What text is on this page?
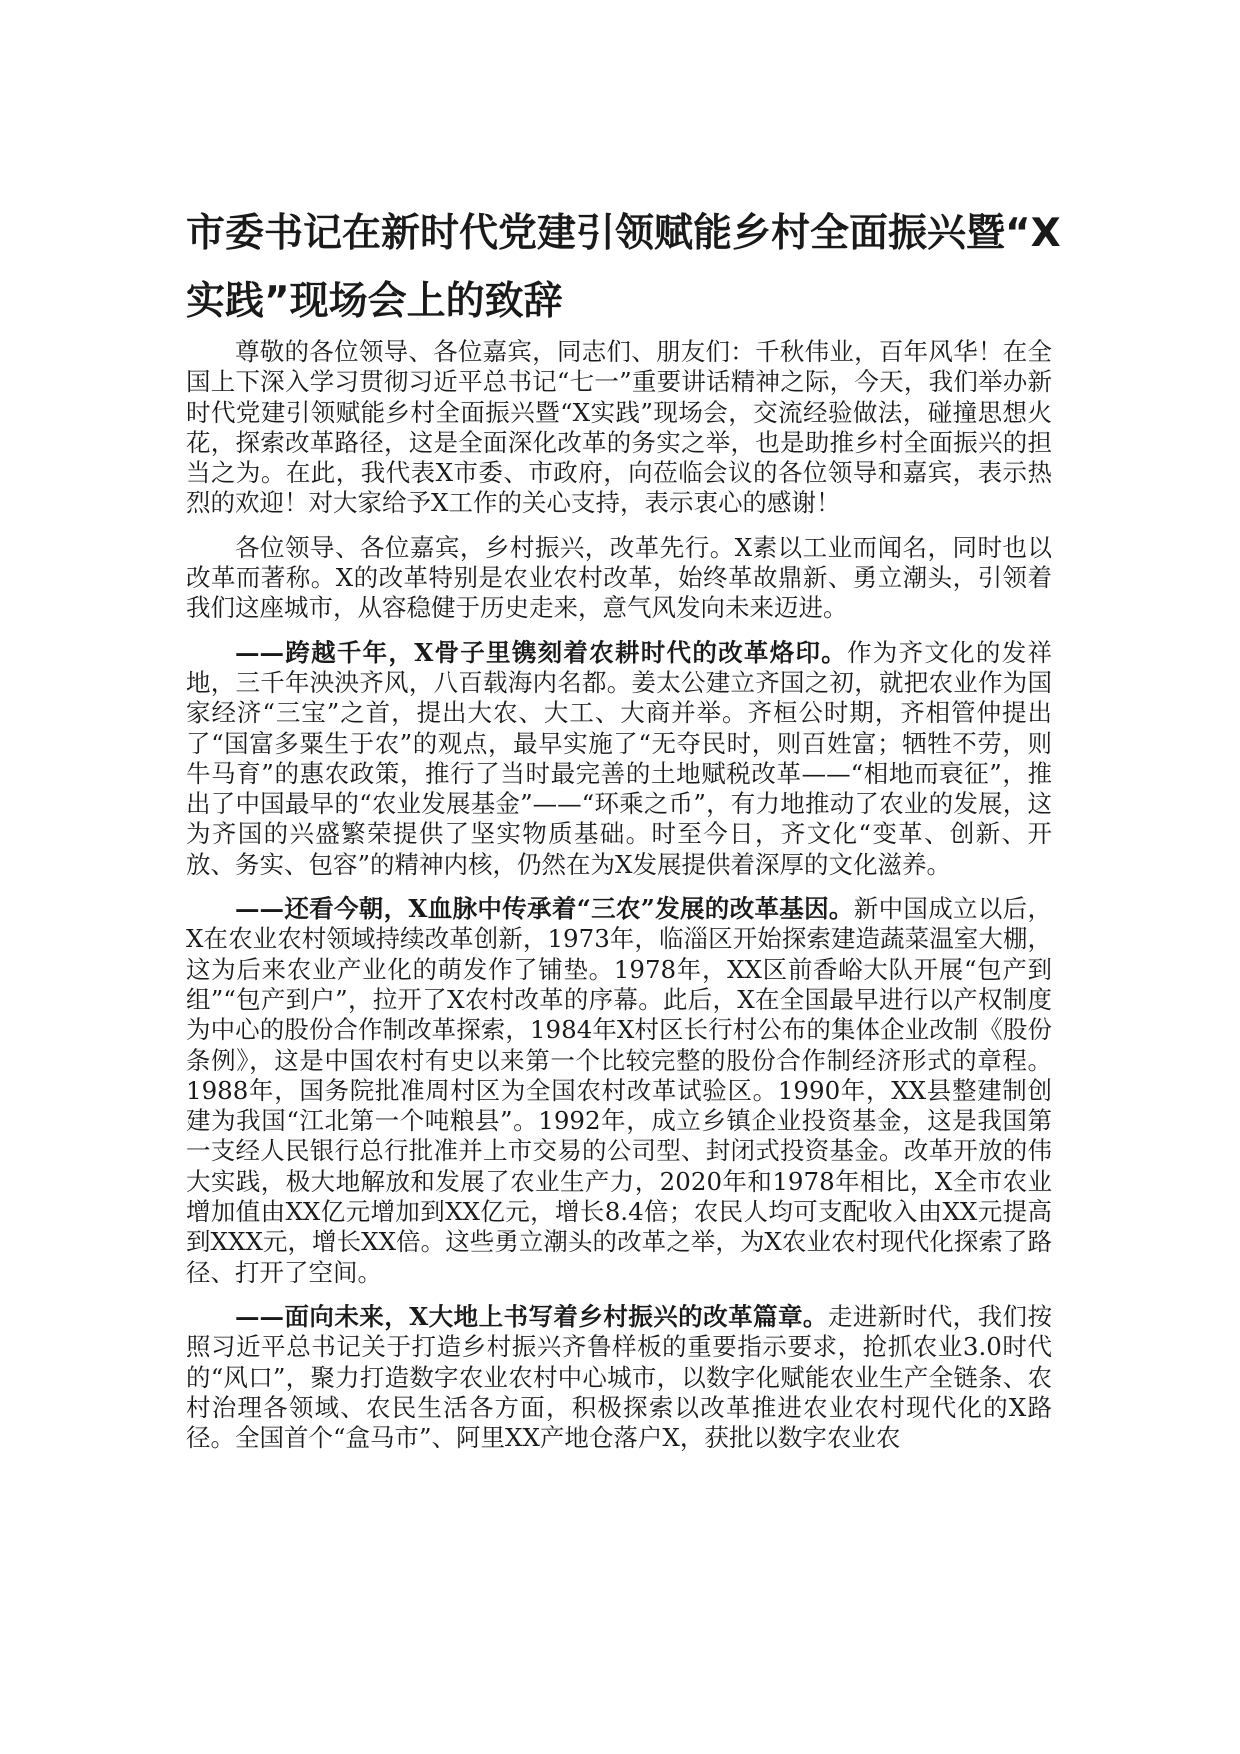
市委书记在新时代党建引领赋能乡村全面振兴暨“X实践”现场会上的致辞

尊敬的各位领导、各位嘉宾，同志们、朋友们：千秋伟业，百年风华！在全国上下深入学习贯彻习近平总书记“七一”重要讲话精神之际，今天，我们举办新时代党建引领赋能乡村全面振兴暨“X实践”现场会，交流经验做法，碰撞思想火花，探索改革路径，这是全面深化改革的务实之举，也是助推乡村全面振兴的担当之为。在此，我代表X市委、市政府，向莅临会议的各位领导和嘉宾，表示热烈的欢迎！对大家给予X工作的关心支持，表示衷心的感谢！

各位领导、各位嘉宾，乡村振兴，改革先行。X素以工业而闻名，同时也以改革而著称。X的改革特别是农业农村改革，始终革故鼎新、勇立潮头，引领着我们这座城市，从容稳健于历史走来，意气风发向未来迈进。

——跨越千年，X骨子里镌刻着农耕时代的改革烙印。作为齐文化的发祥地，三千年泱泱齐风，八百载海内名都。姜太公建立齐国之初，就把农业作为国家经济“三宝”之首，提出大农、大工、大商并举。齐桓公时期，齐相管仲提出了“国富多粟生于农”的观点，最早实施了“无夺民时，则百姓富；牺牲不劳，则牛马育”的惠农政策，推行了当时最完善的土地赋税改革——“相地而衰征”，推出了中国最早的“农业发展基金”——“环乘之币”，有力地推动了农业的发展，这为齐国的兴盛繁荣提供了坚实物质基础。时至今日，齐文化“变革、创新、开放、务实、包容”的精神内核，仍然在为X发展提供着深厚的文化滋养。

——还看今朝，X血脉中传承着“三农”发展的改革基因。新中国成立以后，X在农业农村领域持续改革创新，1973年，临淄区开始探索建造蔬菜温室大棚，这为后来农业产业化的萌发作了铺垫。1978年，XX区前香峪大队开展“包产到组”“包产到户”，拉开了X农村改革的序幕。此后，X在全国最早进行以产权制度为中心的股份合作制改革探索，1984年X村区长行村公布的集体企业改制《股份条例》，这是中国农村有史以来第一个比较完整的股份合作制经济形式的章程。1988年，国务院批准周村区为全国农村改革试验区。1990年，XX县整建制创建为我国“江北第一个吨粮县”。1992年，成立乡镇企业投资基金，这是我国第一支经人民银行总行批准并上市交易的公司型、封闭式投资基金。改革开放的伟大实践，极大地解放和发展了农业生产力，2020年和1978年相比，X全市农业增加值由XX亿元增加到XX亿元，增长8.4倍；农民人均可支配收入由XX元提高到XXX元，增长XX倍。这些勇立潮头的改革之举，为X农业农村现代化探索了路径、打开了空间。

——面向未来，X大地上书写着乡村振兴的改革篇章。走进新时代，我们按照习近平总书记关于打造乡村振兴齐鲁样板的重要指示要求，抢抓农业3.0时代的“风口”，聚力打造数字农业农村中心城市，以数字化赋能农业生产全链条、农村治理各领域、农民生活各方面，积极探索以改革推进农业农村现代化的X路径。全国首个“盒马市”、阿里XX产地仓落户X，获批以数字农业农
